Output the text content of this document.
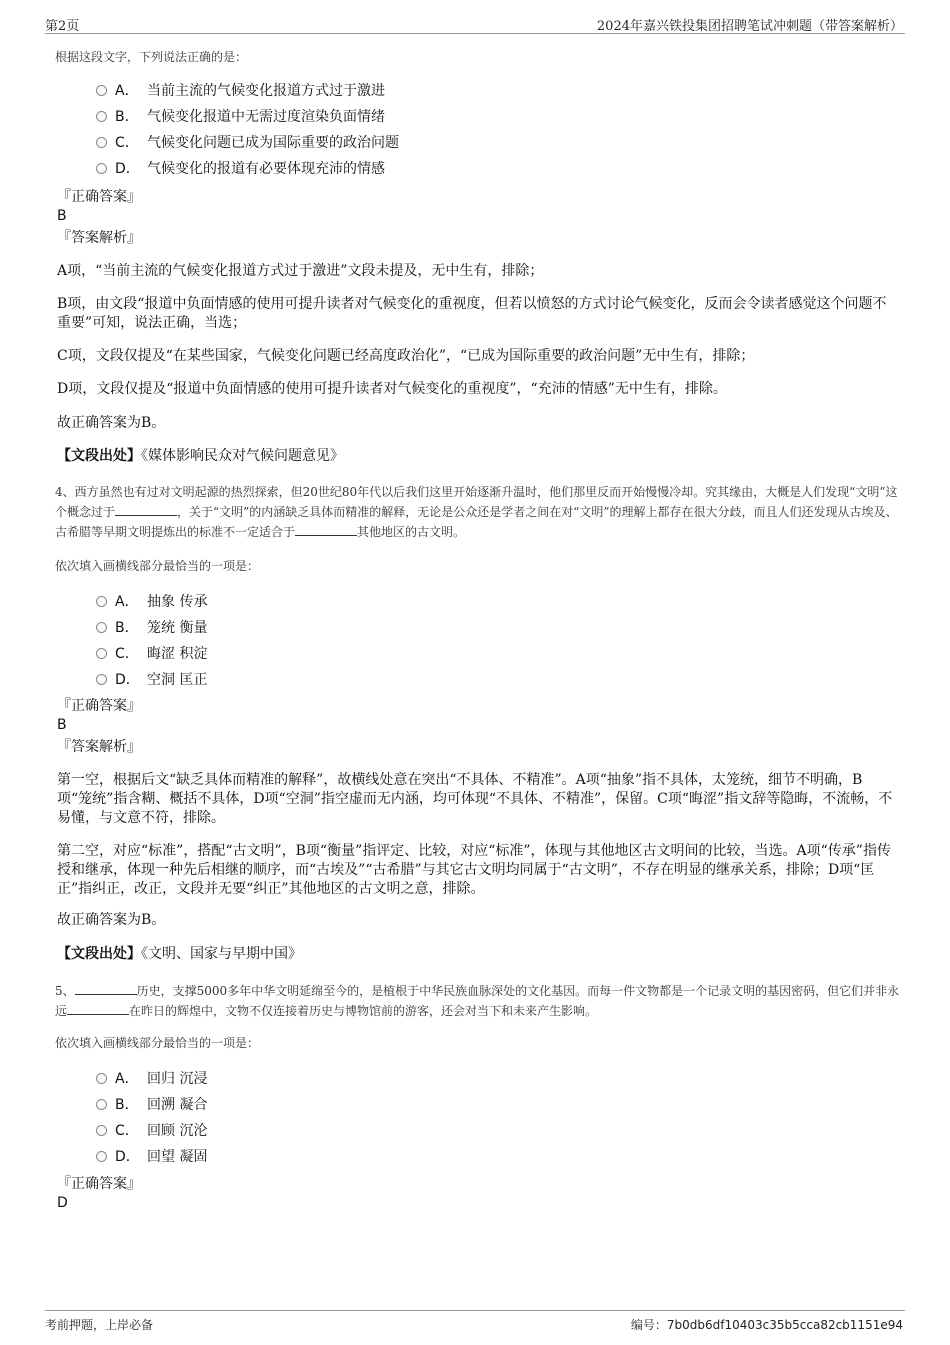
第2页	2024年嘉兴铁投集团招聘笔试冲刺题（带答案解析）
根据这段文字，下列说法正确的是：
A． 当前主流的气候变化报道方式过于激进
B． 气候变化报道中无需过度渲染负面情绪
C． 气候变化问题已成为国际重要的政治问题
D． 气候变化的报道有必要体现充沛的情感
『正确答案』
B
『答案解析』
A项，“当前主流的气候变化报道方式过于激进”文段未提及，无中生有，排除；
B项，由文段“报道中负面情感的使用可提升读者对气候变化的重视度，但若以愤怒的方式讨论气候变化，反而会令读者感觉这个问题不重要”可知，说法正确，当选；
C项，文段仅提及“在某些国家，气候变化问题已经高度政治化”，“已成为国际重要的政治问题”无中生有，排除；
D项，文段仅提及“报道中负面情感的使用可提升读者对气候变化的重视度”，“充沛的情感”无中生有，排除。
故正确答案为B。
【文段出处】《媒体影响民众对气候问题意见》
4、西方虽然也有过对文明起源的热烈探索，但20世纪80年代以后我们这里开始逐渐升温时，他们那里反而开始慢慢冷却。究其缘由，大概是人们发现“文明”这个概念过于	，关于“文明”的内涵缺乏具体而精准的解释，无论是公众还是学者之间在对“文明”的理解上都存在很大分歧，而且人们还发现从古埃及、古希腊等早期文明提炼出的标准不一定适合于	其他地区的古文明。
依次填入画横线部分最恰当的一项是：
A． 抽象 传承
B． 笼统 衡量
C． 晦涩 积淀
D． 空洞 匡正
『正确答案』
B
『答案解析』
第一空，根据后文“缺乏具体而精准的解释”，故横线处意在突出“不具体、不精准”。A项“抽象”指不具体，太笼统，细节不明确，B项“笼统”指含糊、概括不具体，D项“空洞”指空虚而无内涵，均可体现“不具体、不精准”，保留。C项“晦涩”指文辞等隐晦，不流畅，不易懂，与文意不符，排除。
第二空，对应“标准”，搭配“古文明”，B项“衡量”指评定、比较，对应“标准”，体现与其他地区古文明间的比较，当选。A项“传承”指传授和继承，体现一种先后相继的顺序，而“古埃及”“古希腊”与其它古文明均同属于“古文明”，不存在明显的继承关系，排除；D项“匡正”指纠正，改正，文段并无要“纠正”其他地区的古文明之意，排除。
故正确答案为B。
【文段出处】《文明、国家与早期中国》
5、	历史，支撑5000多年中华文明延绵至今的，是植根于中华民族血脉深处的文化基因。而每一件文物都是一个记录文明的基因密码，但它们并非永远	在昨日的辉煌中，文物不仅连接着历史与博物馆前的游客，还会对当下和未来产生影响。
依次填入画横线部分最恰当的一项是：
A． 回归 沉浸
B． 回溯 凝合
C． 回顾 沉沦
D． 回望 凝固
『正确答案』
D
考前押题，上岸必备	编号：7b0db6df10403c35b5cca82cb1151e94
